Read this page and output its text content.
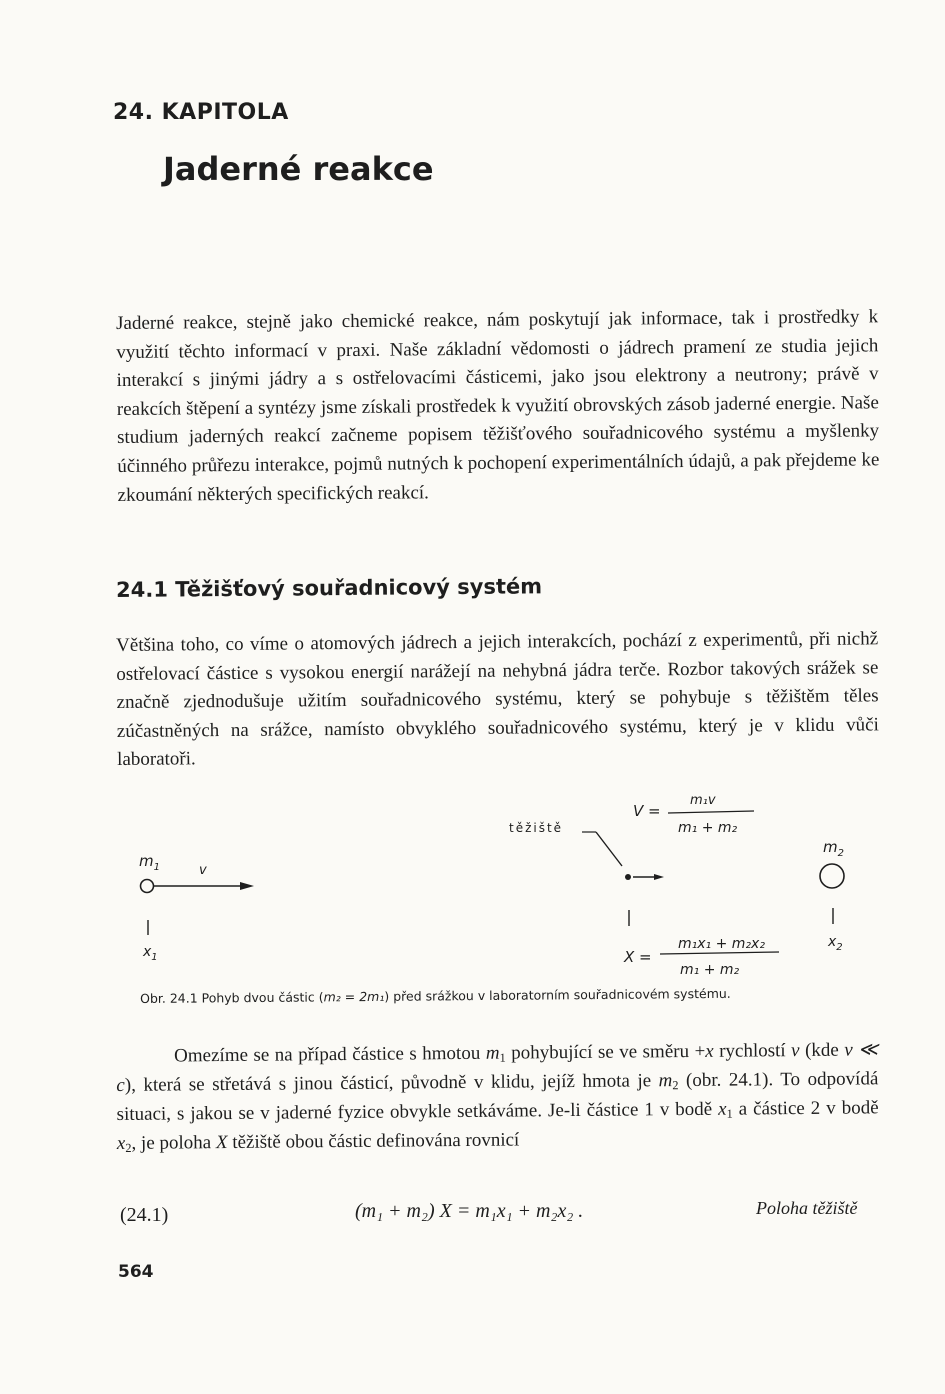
24. KAPITOLA
Jaderné reakce

Jaderné reakce, stejně jako chemické reakce, nám poskytují jak informace, tak i prostředky k využití těchto informací v praxi. Naše základní vědomosti o jádrech pramení ze studia jejich interakcí s jinými jádry a s ostřelovacími částicemi, jako jsou elektrony a neutrony; právě v reakcích štěpení a syntézy jsme získali prostředek k využití obrovských zásob jaderné energie. Naše studium jaderných reakcí začneme popisem těžišťového souřadnicového systému a myšlenky účinného průřezu interakce, pojmů nutných k pochopení experimentálních údajů, a pak přejdeme ke zkoumání některých specifických reakcí.

24.1 Těžišťový souřadnicový systém

Většina toho, co víme o atomových jádrech a jejich interakcích, pochází z experimentů, při nichž ostřelovací částice s vysokou energií narážejí na nehybná jádra terče. Rozbor takových srážek se značně zjednodušuje užitím souřadnicového systému, který se pohybuje s těžištěm těles zúčastněných na srážce, namísto obvyklého souřadnicového systému, který je v klidu vůči laboratoři.

$m_1$	v
$x_1$
těžiště
V =
m₁v
m₁ + m₂
X =
m₁x₁ + m₂x₂
m₁ + m₂
$m_2$
$x_2$
Obr. 24.1 Pohyb dvou částic (m₂ = 2m₁) před srážkou v laboratorním souřadnicovém systému.

Omezíme se na případ částice s hmotou $m_1$ pohybující se ve směru +x rychlostí v (kde v ≪ c), která se střetává s jinou částicí, původně v klidu, jejíž hmota je $m_2$ (obr. 24.1). To odpovídá situaci, s jakou se v jaderné fyzice obvykle setkáváme. Je-li částice 1 v bodě $x_1$ a částice 2 v bodě $x_2$, je poloha X těžiště obou částic definována rovnicí

(24.1)	(m₁ + m₂) X = m₁x₁ + m₂x₂ .	Poloha těžiště
564
